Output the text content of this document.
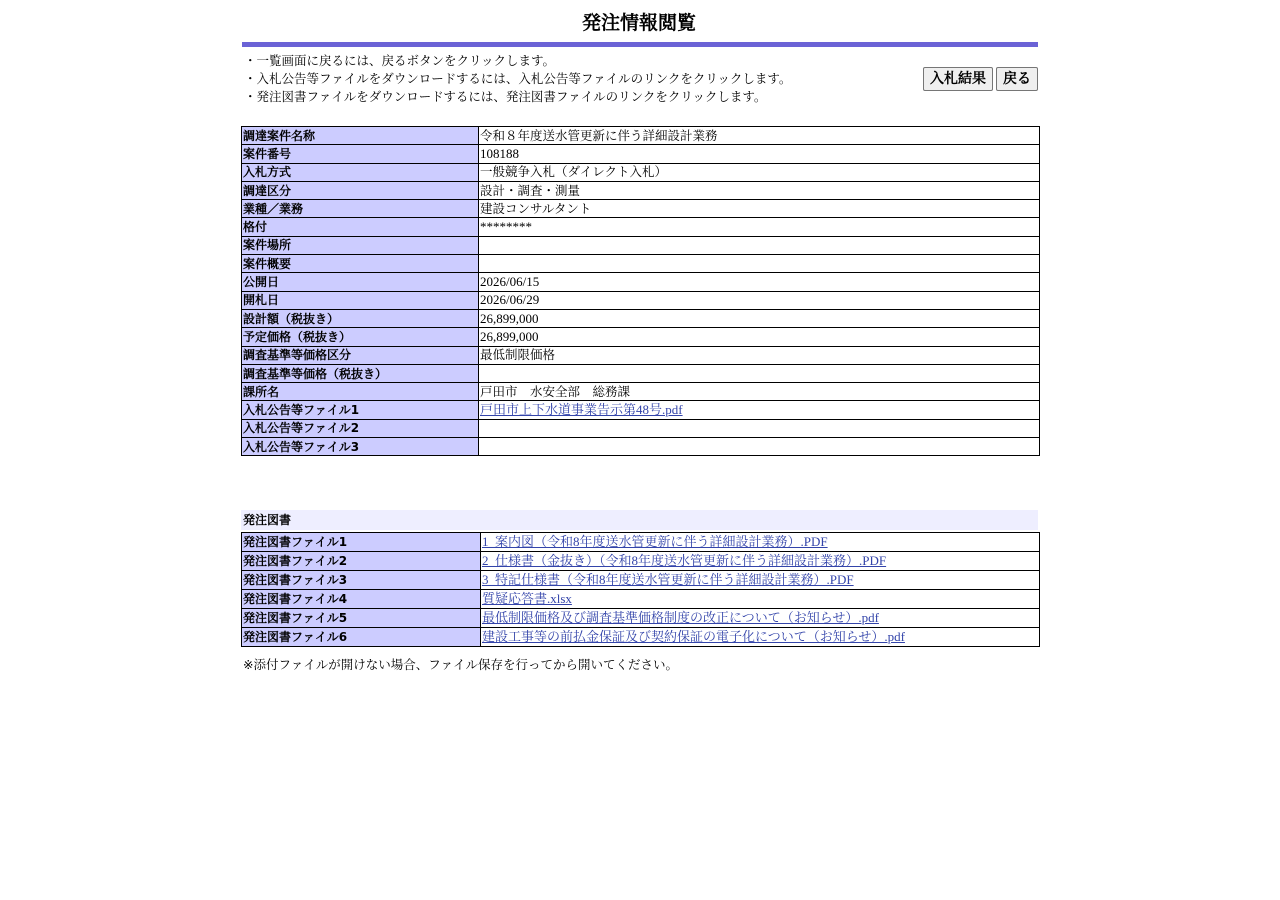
発注情報閲覧
・一覧画面に戻るには、戻るボタンをクリックします。
・入札公告等ファイルをダウンロードするには、入札公告等ファイルのリンクをクリックします。
・発注図書ファイルをダウンロードするには、発注図書ファイルのリンクをクリックします。
入札結果	戻る
調達案件名称	令和８年度送水管更新に伴う詳細設計業務
案件番号	108188
入札方式	一般競争入札（ダイレクト入札）
調達区分	設計・調査・測量
業種／業務	建設コンサルタント
格付	********
案件場所	
案件概要	
公開日	2026/06/15
開札日	2026/06/29
設計額（税抜き）	26,899,000
予定価格（税抜き）	26,899,000
調査基準等価格区分	最低制限価格
調査基準等価格（税抜き）	
課所名	戸田市　水安全部　総務課
入札公告等ファイル1	戸田市上下水道事業告示第48号.pdf
入札公告等ファイル2	
入札公告等ファイル3	
発注図書
発注図書ファイル1	1_案内図（令和8年度送水管更新に伴う詳細設計業務）.PDF
発注図書ファイル2	2_仕様書（金抜き）（令和8年度送水管更新に伴う詳細設計業務）.PDF
発注図書ファイル3	3_特記仕様書（令和8年度送水管更新に伴う詳細設計業務）.PDF
発注図書ファイル4	質疑応答書.xlsx
発注図書ファイル5	最低制限価格及び調査基準価格制度の改正について（お知らせ）.pdf
発注図書ファイル6	建設工事等の前払金保証及び契約保証の電子化について（お知らせ）.pdf
※添付ファイルが開けない場合、ファイル保存を行ってから開いてください。
